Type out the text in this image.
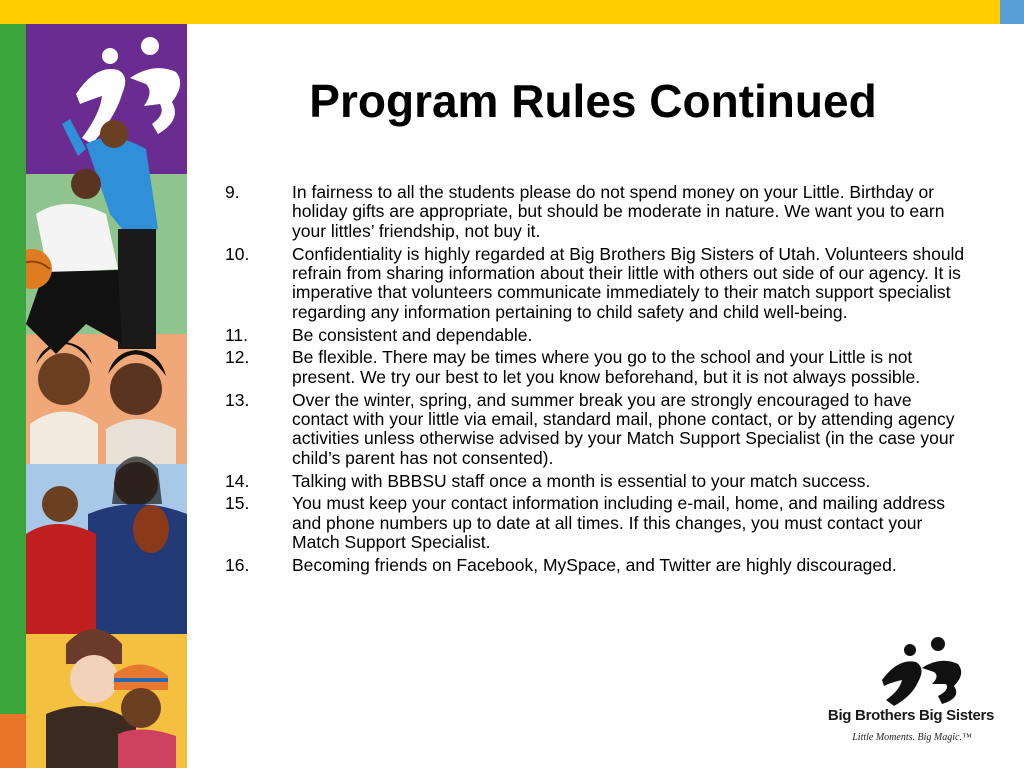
Program Rules Continued
9.	In fairness to all the students please do not spend money on your Little. Birthday or holiday gifts are appropriate, but should be moderate in nature. We want you to earn your littles’ friendship, not buy it.
10. Confidentiality is highly regarded at Big Brothers Big Sisters of Utah. Volunteers should refrain from sharing information about their little with others out side of our agency. It is imperative that volunteers communicate immediately to their match support specialist regarding any information pertaining to child safety and child well-being.
11.	Be consistent and dependable.
12. Be flexible. There may be times where you go to the school and your Little is not present. We try our best to let you know beforehand, but it is not always possible.
13. Over the winter, spring, and summer break you are strongly encouraged to have contact with your little via email, standard mail, phone contact, or by attending agency activities unless otherwise advised by your Match Support Specialist (in the case your child’s parent has not consented).
14. Talking with BBBSU staff once a month is essential to your match success.
15. You must keep your contact information including e-mail, home, and mailing address and phone numbers up to date at all times. If this changes, you must contact your Match Support Specialist.
16. Becoming friends on Facebook, MySpace, and Twitter are highly discouraged.
Big Brothers Big Sisters
Little Moments. Big Magic.™
